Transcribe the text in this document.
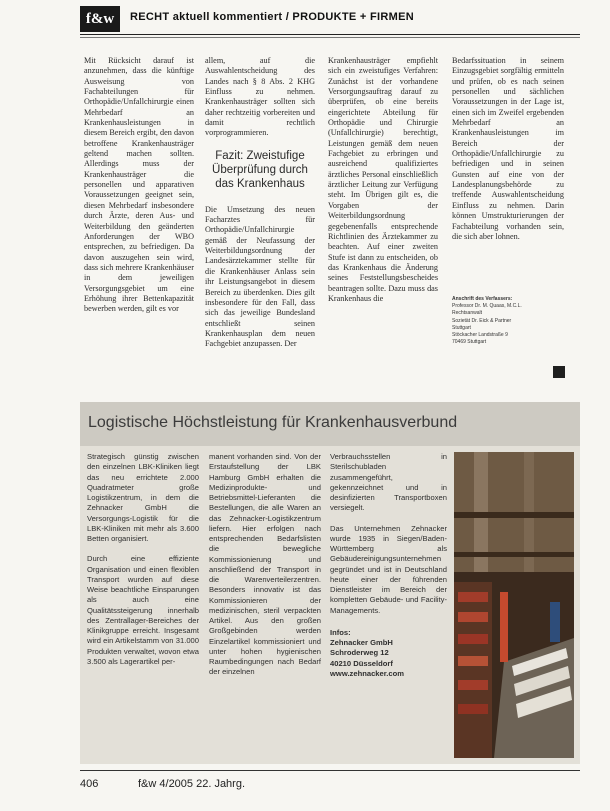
f&w	RECHT aktuell kommentiert / PRODUKTE + FIRMEN

Mit Rücksicht darauf ist anzunehmen, dass die künftige Ausweisung von Fachabteilungen für Orthopädie/Unfallchirurgie einen Mehrbedarf an Krankenhausleistungen in diesem Bereich ergibt, den davon betroffene Krankenhausträger geltend machen sollten. Allerdings muss der Krankenhausträger die personellen und apparativen Voraussetzungen geeignet sein, diesen Mehrbedarf insbesondere durch Ärzte, deren Aus- und Weiterbildung den geänderten Anforderungen der WBO entsprechen, zu befriedigen. Da davon auszugehen sein wird, dass sich mehrere Krankenhäuser in dem jeweiligen Versorgungsgebiet um eine Erhöhung ihrer Bettenkapazität bewerben werden, gilt es vor

allem, auf die Auswahlentscheidung des Landes nach § 8 Abs. 2 KHG Einfluss zu nehmen. Krankenhausträger sollten sich daher rechtzeitig vorbereiten und damit rechtlich vorprogrammieren.

Fazit: Zweistufige Überprüfung durch das Krankenhaus

Die Umsetzung des neuen Facharztes für Orthopädie/Unfallchirurgie gemäß der Neufassung der Weiterbildungsordnung der Landesärztekammer stellte für die Krankenhäuser Anlass sein ihr Leistungsangebot in diesem Bereich zu überdenken. Dies gilt insbesondere für den Fall, dass sich das jeweilige Bundesland entschließt seinen Krankenhausplan dem neuen Fachgebiet anzupassen. Der

Krankenhausträger empfiehlt sich ein zweistufiges Verfahren: Zunächst ist der vorhandene Versorgungsauftrag darauf zu überprüfen, ob eine bereits eingerichtete Abteilung für Orthopädie und Chirurgie (Unfallchirurgie) berechtigt, Leistungen gemäß dem neuen Fachgebiet zu erbringen und ausreichend qualifiziertes ärztliches Personal einschließlich ärztlicher Leitung zur Verfügung steht. Im Übrigen gilt es, die Vorgaben der Weiterbildungsordnung gegebenenfalls entsprechende Richtlinien des Ärztekammer zu beachten. Auf einer zweiten Stufe ist dann zu entscheiden, ob das Krankenhaus die Änderung seines Feststellungsbescheides beantragen sollte. Dazu muss das Krankenhaus die

Bedarfssituation in seinem Einzugsgebiet sorgfältig ermitteln und prüfen, ob es nach seinen personellen und sächlichen Voraussetzungen in der Lage ist, einen sich im Zweifel ergebenden Mehrbedarf an Krankenhausleistungen im Bereich der Orthopädie/Unfallchirurgie zu befriedigen und in seinen Gunsten auf eine von der Landesplanungsbehörde zu treffende Auswahlentscheidung Einfluss zu nehmen. Darin können Umstrukturierungen der Fachabteilung vorhanden sein, die sich aber lohnen.

Anschrift des Verfassers:
Professor Dr. M. Quaas, M.C.L.
Rechtsanwalt
Sozietät Dr. Eick & Partner
Stuttgart
Stöckacher Landstraße 9
70469 Stuttgart
Logistische Höchstleistung für Krankenhausverbund

Strategisch günstig zwischen den einzelnen LBK-Kliniken liegt das neu errichtete 2.000 Quadratmeter große Logistikzentrum, in dem die Zehnacker GmbH die Versorgungs-Logistik für die LBK-Kliniken mit mehr als 3.600 Betten organisiert.

Durch eine effiziente Organisation und einen flexiblen Transport wurden auf diese Weise beachtliche Einsparungen als auch eine Qualitätssteigerung innerhalb des Zentrallager-Bereiches der Klinikgruppe erreicht. Insgesamt wird ein Artikelstamm von 31.000 Produkten verwaltet, wovon etwa 3.500 als Lagerartikel per-

manent vorhanden sind. Von der Erstaufstellung der LBK Hamburg GmbH erhalten die Medizinprodukte- und Betriebsmittel-Lieferanten die Bestellungen, die alle Waren an das Zehnacker-Logistikzentrum liefern. Hier erfolgen nach entsprechenden Bedarfslisten die bewegliche Kommissionierung und anschließend der Transport in die Warenverteilerzentren. Besonders innovativ ist das Kommissionieren der medizinischen, steril verpackten Artikel. Aus den großen Großgebinden werden Einzelartikel kommissioniert und unter hohen hygienischen Raumbedingungen nach Bedarf der einzelnen

Verbrauchsstellen in Sterilschubladen zusammengeführt, gekennzeichnet und in desinfizierten Transportboxen versiegelt.

Das Unternehmen Zehnacker wurde 1935 in Siegen/Baden-Württemberg als Gebäudereinigungsunternehmen gegründet und ist in Deutschland heute einer der führenden Dienstleister im Bereich der kompletten Gebäude- und Facility-Managements.

Infos:
Zehnacker GmbH
Schroderweg 12
40210 Düsseldorf
www.zehnacker.com
406	f&w 4/2005 22. Jahrg.
